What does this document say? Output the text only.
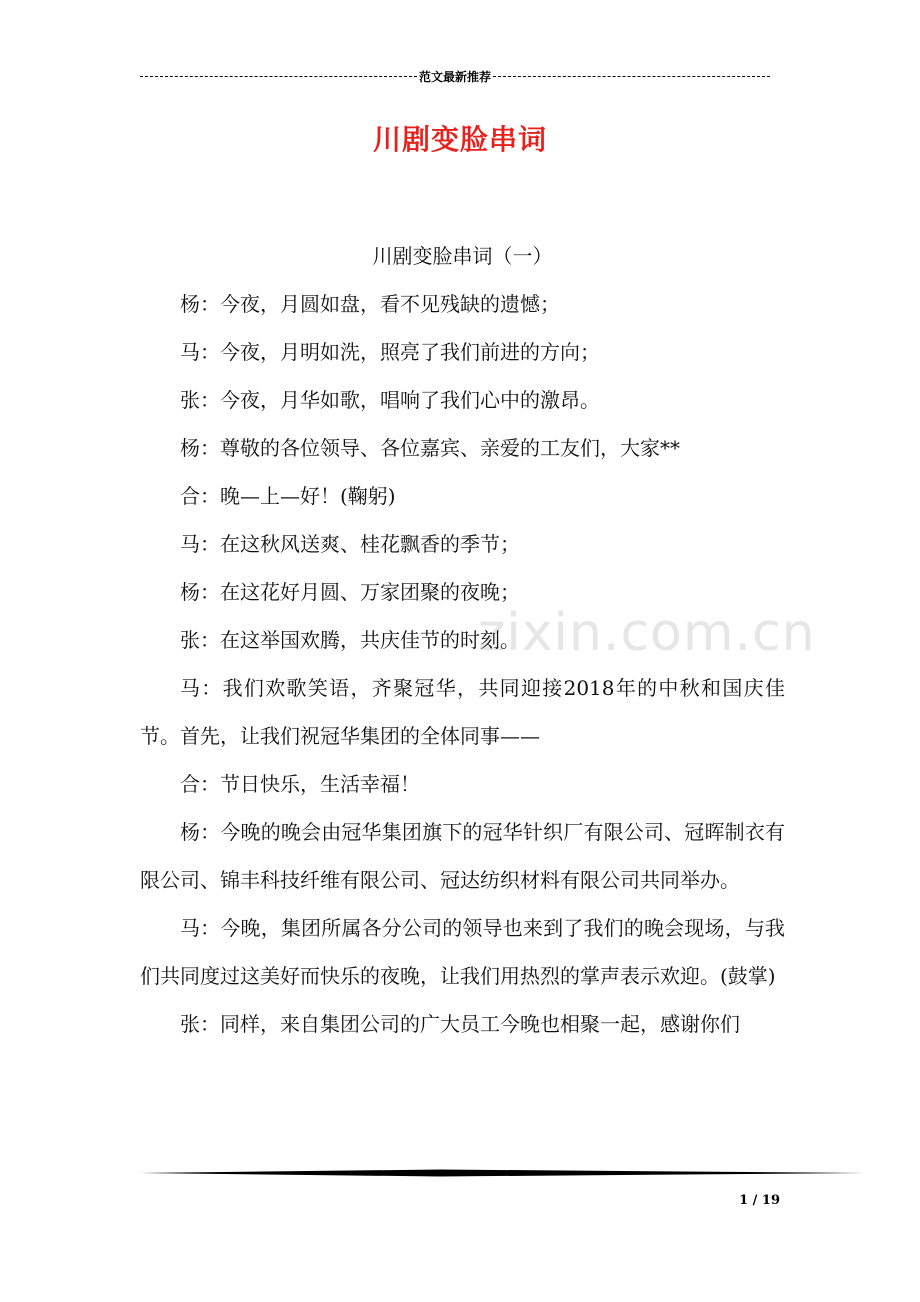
范文最新推荐
川剧变脸串词
zixin.com.cn

川剧变脸串词（一）

杨：今夜，月圆如盘，看不见残缺的遗憾；

马：今夜，月明如洗，照亮了我们前进的方向；

张：今夜，月华如歌，唱响了我们心中的激昂。

杨：尊敬的各位领导、各位嘉宾、亲爱的工友们，大家**

合：晚—上—好！(鞠躬)

马：在这秋风送爽、桂花飘香的季节；

杨：在这花好月圆、万家团聚的夜晚；

张：在这举国欢腾，共庆佳节的时刻。

马：我们欢歌笑语，齐聚冠华，共同迎接2018年的中秋和国庆佳节。首先，让我们祝冠华集团的全体同事——

合：节日快乐，生活幸福！

杨：今晚的晚会由冠华集团旗下的冠华针织厂有限公司、冠晖制衣有限公司、锦丰科技纤维有限公司、冠达纺织材料有限公司共同举办。

马：今晚，集团所属各分公司的领导也来到了我们的晚会现场，与我们共同度过这美好而快乐的夜晚，让我们用热烈的掌声表示欢迎。(鼓掌)

张：同样，来自集团公司的广大员工今晚也相聚一起，感谢你们

1 / 19
